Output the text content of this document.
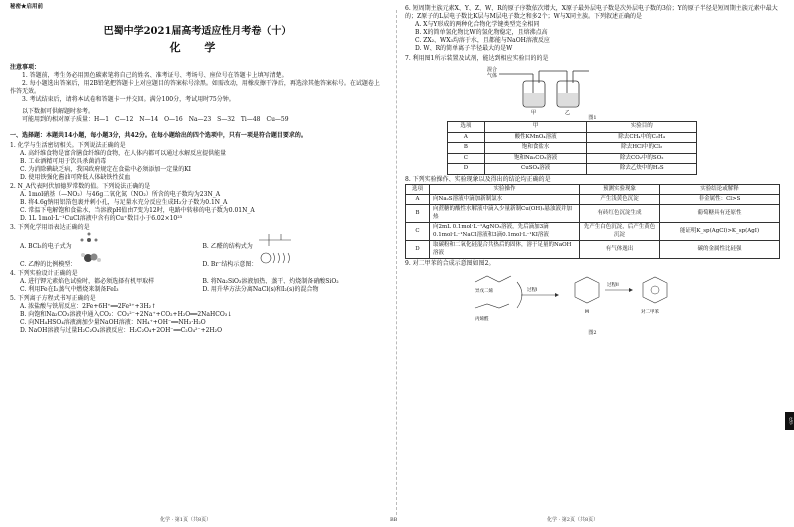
秘密★启用前
巴蜀中学2021届高考适应性月考卷（十）
化 学
注意事项：
1. 答题前，考生务必用黑色碳素笔将自己的姓名、准考证号、考场号、座位号在答题卡上填写清楚。
2. 每小题选出答案后，用2B铅笔把答题卡上对应题目的答案标号涂黑。如需改动，用橡皮擦干净后，再选涂其他答案标号。在试题卷上作答无效。
3. 考试结束后，请将本试卷和答题卡一并交回。满分100分，考试用时75分钟。
以下数据可供解题时参考。
可能用到的相对原子质量：H—1　C—12　N—14　O—16　Na—23　S—32　Ti—48　Cu—59
一、选择题：本题共14小题，每小题3分，共42分。在每小题给出的四个选项中，只有一项是符合题目要求的。
1. 化学与生活密切相关。下列说法正确的是
A. 高纤维食物是富含膳食纤维的食物，在人体内都可以通过水解反应提供能量
B. 工业酒精可用于饮具杀菌消毒
C. 为消除碘缺乏病，我国政府规定在食盐中必须添加一定量的KI
D. 使用铁强化酱油可降低人体缺铁性贫血
2. N_A代表阿伏加德罗常数的值。下列说法正确的是
A. 1mol硝基（—NO₂）与46g二氧化氮（NO₂）所含的电子数均为23N_A
B. 将4.6g钠用铝箔包裹并刺小孔，与足量水充分反应生成H₂分子数为0.1N_A
C. 常温下电解饱和食盐水，当溶液pH值由7变为12时，电路中转移的电子数为0.01N_A
D. 1L 1mol·L⁻¹CuCl溶液中含有的Cu⁺数目小于6.02×10²³
3. 下列化学用语表达正确的是
A. BCl₃的电子式为	B. 乙醛的结构式为
C. 乙醇的比例模型：	D. Br⁻结构示意图：
4. 下列实验设计正确的是
A. 进行钾元素焰色试验时，都必须选择有机甲取样	B. 将Na₂SiO₃溶液加热、蒸干、灼烧制备硝酸SiO₂
C. 利用Fe在I₂蒸气中燃烧来制备FeI₃	D. 用升华方法分离NaCl(s)和I₂(s)的混合物
5. 下列离子方程式书写正确的是
A. 浓盐酸与铁屑反应：2Fe+6H⁺══2Fe³⁺+3H₂↑
B. 向饱和Na₂CO₃溶液中通入CO₂：CO₃²⁻+2Na⁺+CO₂+H₂O══2NaHCO₃↓
C. 向NH₄HSO₄溶液滴加少量NaOH溶液：NH₄⁺+OH⁻══NH₃·H₂O
D. NaOH溶液与过量H₂C₂O₄溶液反应：H₂C₂O₄+2OH⁻══C₂O₄²⁻+2H₂O
化学 · 第1页（共8页）	BB
6. 短周期主族元素X、Y、Z、W、R的原子序数依次增大，X原子最外层电子数是次外层电子数的3倍；Y的原子半径是短周期主族元素中最大的；Z原子的L层电子数比K层与M层电子数之和多2个；W与X同主族。下列叙述正确的是
A. X与Y形成的两种化合物化学键类型完全相同
B. X的简单氢化物比W的氢化物稳定，且熔沸点高
C. ZX₂、WX₃均溶于水，且都能与NaOH溶液反应
D. W、R的简单离子半径最大的是W
7. 利用图1所示装置及试剂，能达到相应实验目的的是
混合
气体
甲	乙
图1
选项	甲	实验目的
A	酸性KMnO₄溶液	除去CH₄中的C₂H₄
B	饱和食盐水	除去HCl中的Cl₂
C	饱和Na₂CO₃溶液	除去CO₂中的SO₂
D	CuSO₄溶液	除去乙炔中的H₂S
8. 下列实验操作、实验现象以及得出的结论均正确的是
选项	实验操作	预测实验现象	实验结论或解释
A	向Na₂S溶液中滴加新制氯水	产生浅黄色沉淀	非金属性：Cl>S
B	向蔗糖的酸性水解液中滴入少量新制Cu(OH)₂悬浊液并加热	有砖红色沉淀生成	葡萄糖具有还原性
C	向2mL 0.1mol·L⁻¹AgNO₃溶液，先后滴加3滴0.1mol·L⁻¹NaCl溶液和3滴0.1mol·L⁻¹KI溶液	先产生白色沉淀，后产生黄色沉淀	能证明K_sp(AgCl)>K_sp(AgI)
D	取碳粉和二氧化硅混合共热后的固体，溶于足量的NaOH溶液	有气体逸出	碳的金属性比硅强
9. 对二甲苯的合成示意图如图2。
异戊二烯
丙烯醛
过程I
M
过程II
对二甲苯
图2
化学 · 第2页（共8页）
化学
